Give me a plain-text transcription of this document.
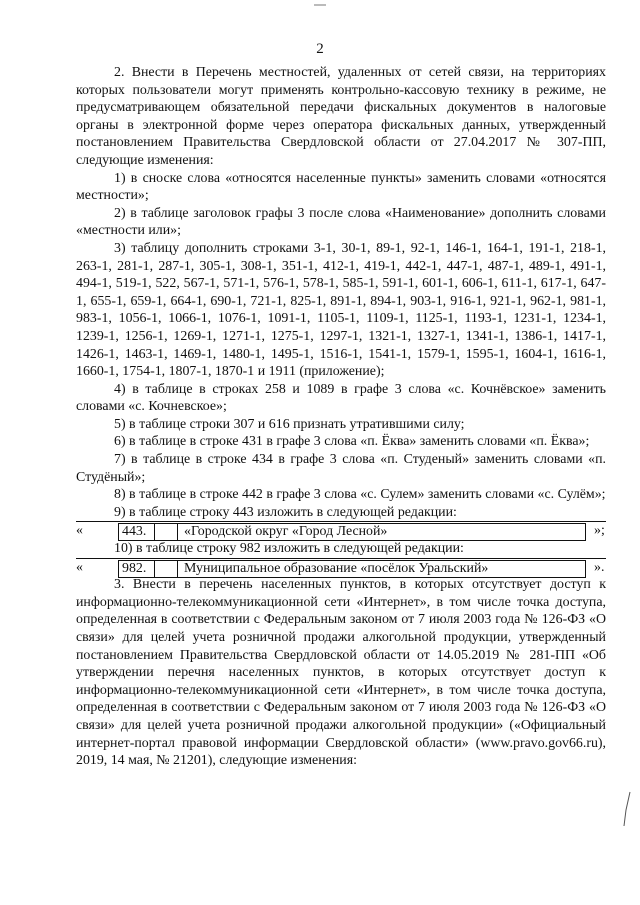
2

2. Внести в Перечень местностей, удаленных от сетей связи, на территориях которых пользователи могут применять контрольно-кассовую технику в режиме, не предусматривающем обязательной передачи фискальных документов в налоговые органы в электронной форме через оператора фискальных данных, утвержденный постановлением Правительства Свердловской области от 27.04.2017 № 307-ПП, следующие изменения:

1) в сноске слова «относятся населенные пункты» заменить словами «относятся местности»;

2) в таблице заголовок графы 3 после слова «Наименование» дополнить словами «местности или»;

3) таблицу дополнить строками 3-1, 30-1, 89-1, 92-1, 146-1, 164-1, 191-1, 218-1, 263-1, 281-1, 287-1, 305-1, 308-1, 351-1, 412-1, 419-1, 442-1, 447-1, 487-1, 489-1, 491-1, 494-1, 519-1, 522, 567-1, 571-1, 576-1, 578-1, 585-1, 591-1, 601-1, 606-1, 611-1, 617-1, 647-1, 655-1, 659-1, 664-1, 690-1, 721-1, 825-1, 891-1, 894-1, 903-1, 916-1, 921-1, 962-1, 981-1, 983-1, 1056-1, 1066-1, 1076-1, 1091-1, 1105-1, 1109-1, 1125-1, 1193-1, 1231-1, 1234-1, 1239-1, 1256-1, 1269-1, 1271-1, 1275-1, 1297-1, 1321-1, 1327-1, 1341-1, 1386-1, 1417-1, 1426-1, 1463-1, 1469-1, 1480-1, 1495-1, 1516-1, 1541-1, 1579-1, 1595-1, 1604-1, 1616-1, 1660-1, 1754-1, 1807-1, 1870-1 и 1911 (приложение);

4) в таблице в строках 258 и 1089 в графе 3 слова «с. Кочнёвское» заменить словами «с. Кочневское»;

5) в таблице строки 307 и 616 признать утратившими силу;

6) в таблице в строке 431 в графе 3 слова «п. Ёква» заменить словами «п. Ёква»;

7) в таблице в строке 434 в графе 3 слова «п. Студеный» заменить словами «п. Студёный»;

8) в таблице в строке 442 в графе 3 слова «с. Сулем» заменить словами «с. Сулём»;

9) в таблице строку 443 изложить в следующей редакции:

«	443.	«Городской округ «Город Лесной»	»;

10) в таблице строку 982 изложить в следующей редакции:

«	982.	Муниципальное образование «посёлок Уральский»	».

3. Внести в перечень населенных пунктов, в которых отсутствует доступ к информационно-телекоммуникационной сети «Интернет», в том числе точка доступа, определенная в соответствии с Федеральным законом от 7 июля 2003 года № 126-ФЗ «О связи» для целей учета розничной продажи алкогольной продукции, утвержденный постановлением Правительства Свердловской области от 14.05.2019 № 281-ПП «Об утверждении перечня населенных пунктов, в которых отсутствует доступ к информационно-телекоммуникационной сети «Интернет», в том числе точка доступа, определенная в соответствии с Федеральным законом от 7 июля 2003 года № 126-ФЗ «О связи» для целей учета розничной продажи алкогольной продукции» («Официальный интернет-портал правовой информации Свердловской области» (www.pravo.gov66.ru), 2019, 14 мая, № 21201), следующие изменения:
